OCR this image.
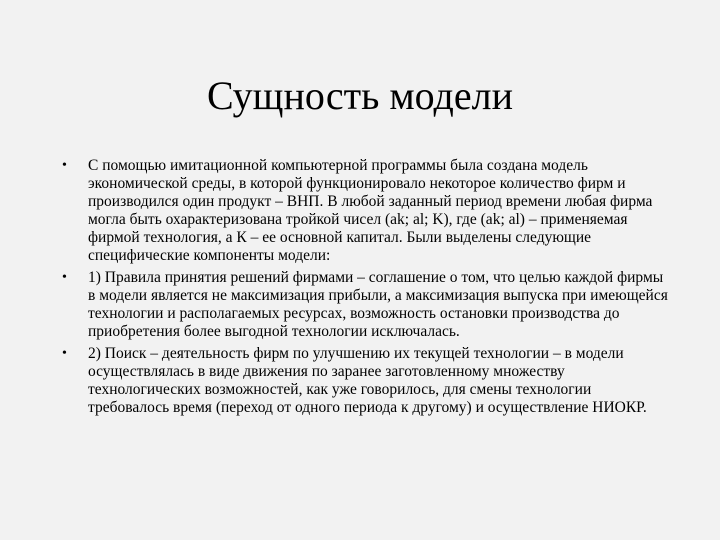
Сущность модели
• С помощью имитационной компьютерной программы была создана модель экономической среды, в которой функционировало некоторое количество фирм и производился один продукт – ВНП. В любой заданный период времени любая фирма могла быть охарактеризована тройкой чисел (ak; al; K), где (ak; al) – применяемая фирмой технология, а К – ее основной капитал. Были выделены следующие специфические компоненты модели:
• 1) Правила принятия решений фирмами – соглашение о том, что целью каждой фирмы в модели является не максимизация прибыли, а максимизация выпуска при имеющейся технологии и располагаемых ресурсах, возможность остановки производства до приобретения более выгодной технологии исключалась.
• 2) Поиск – деятельность фирм по улучшению их текущей технологии – в модели осуществлялась в виде движения по заранее заготовленному множеству технологических возможностей, как уже говорилось, для смены технологии требовалось время (переход от одного периода к другому) и осуществление НИОКР.
